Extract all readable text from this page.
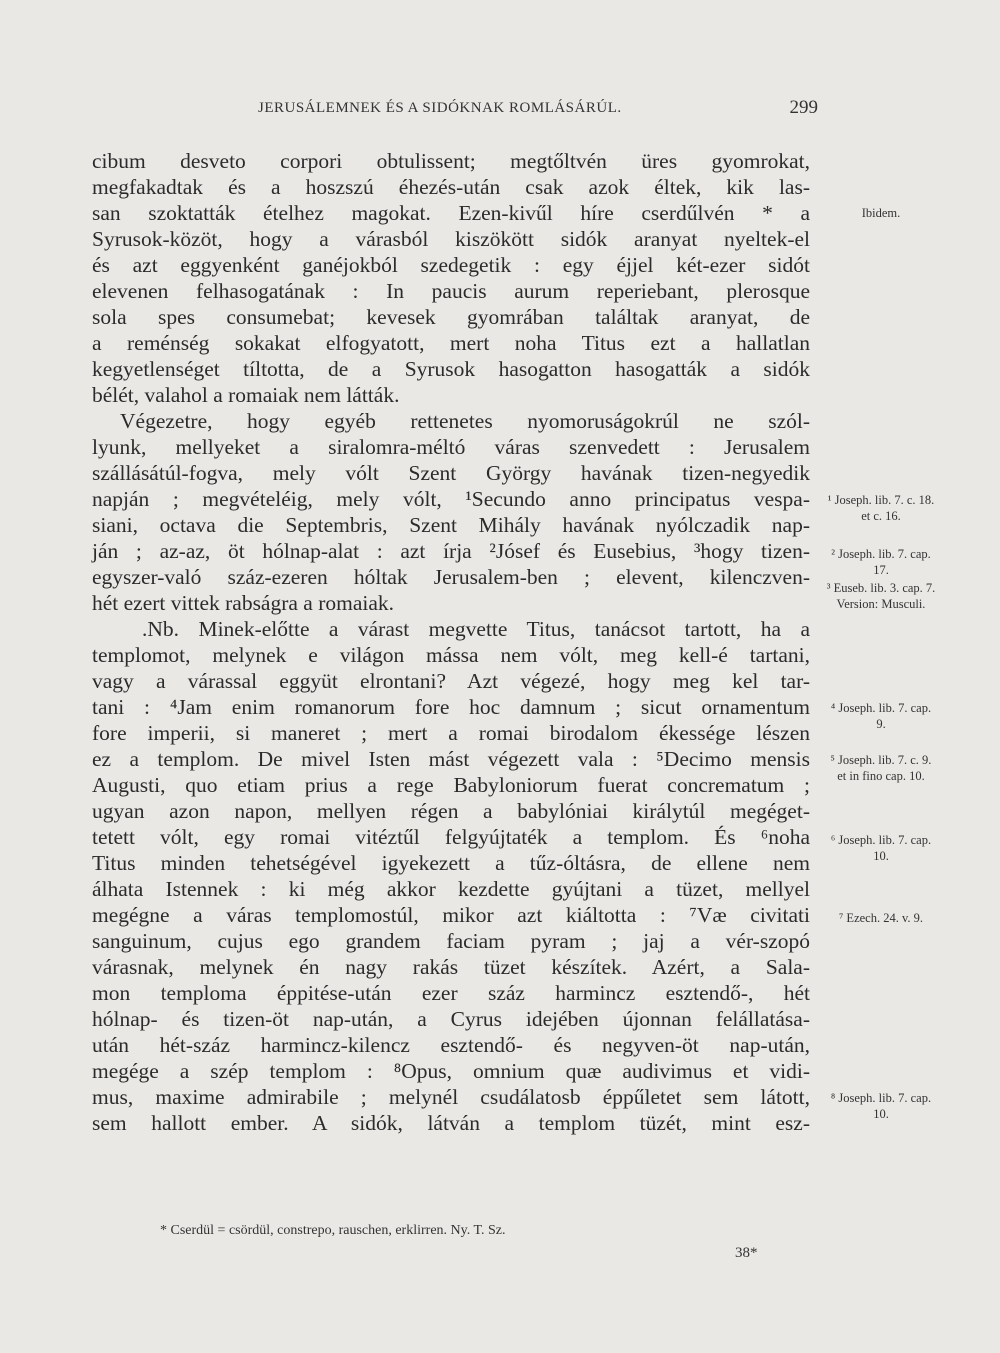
JERUSÁLEMNEK ÉS A SIDÓKNAK ROMLÁSÁRÚL.	299
cibum desveto corpori obtulissent; megtőltvén üres gyomrokat,
megfakadtak és a hoszszú éhezés-után csak azok éltek, kik las-
san szoktatták ételhez magokat. Ezen-kivűl híre cserdűlvén * a
Syrusok-közöt, hogy a várasból kiszökött sidók aranyat nyeltek-el
és azt eggyenként ganéjokból szedegetik : egy éjjel két-ezer sidót
elevenen felhasogatának : In paucis aurum reperiebant, plerosque
sola spes consumebat; kevesek gyomrában találtak aranyat, de
a reménség sokakat elfogyatott, mert noha Titus ezt a hallatlan
kegyetlenséget tíltotta, de a Syrusok hasogatton hasogatták a sidók
bélét, valahol a romaiak nem látták.
Végezetre, hogy egyéb rettenetes nyomoruságokrúl ne szól-
lyunk, mellyeket a siralomra-méltó váras szenvedett : Jerusalem
szállásátúl-fogva, mely vólt Szent György havának tizen-negyedik
napján ; megvételéig, mely vólt, ¹Secundo anno principatus vespa-
siani, octava die Septembris, Szent Mihály havának nyólczadik nap-
ján ; az-az, öt hólnap-alat : azt írja ²Jósef és Eusebius, ³hogy tizen-
egyszer-való száz-ezeren hóltak Jerusalem-ben ; elevent, kilenczven-
hét ezert vittek rabságra a romaiak.
.Nb. Minek-előtte a várast megvette Titus, tanácsot tartott, ha a
templomot, melynek e világon mássa nem vólt, meg kell-é tartani,
vagy a várassal eggyüt elrontani? Azt végezé, hogy meg kel tar-
tani : ⁴Jam enim romanorum fore hoc damnum ; sicut ornamentum
fore imperii, si maneret ; mert a romai birodalom ékessége lészen
ez a templom. De mivel Isten mást végezett vala : ⁵Decimo mensis
Augusti, quo etiam prius a rege Babyloniorum fuerat concrematum ;
ugyan azon napon, mellyen régen a babylóniai királytúl megéget-
tetett vólt, egy romai vitéztűl felgyújtaték a templom. És ⁶noha
Titus minden tehetségével igyekezett a tűz-óltásra, de ellene nem
álhata Istennek : ki még akkor kezdette gyújtani a tüzet, mellyel
megégne a váras templomostúl, mikor azt kiáltotta : ⁷Væ civitati
sanguinum, cujus ego grandem faciam pyram ; jaj a vér-szopó
várasnak, melynek én nagy rakás tüzet készítek. Azért, a Sala-
mon temploma éppitése-után ezer száz harmincz esztendő-, hét
hólnap- és tizen-öt nap-után, a Cyrus idejében újonnan felállatása-
után hét-száz harmincz-kilencz esztendő- és negyven-öt nap-után,
megége a szép templom : ⁸Opus, omnium quæ audivimus et vidi-
mus, maxime admirabile ; melynél csudálatosb éppűletet sem látott,
sem hallott ember. A sidók, látván a templom tüzét, mint esz-
Ibidem.
¹ Joseph. lib. 7. c. 18. et c. 16.
² Joseph. lib. 7. cap. 17.
³ Euseb. lib. 3. cap. 7. Version: Musculi.
⁴ Joseph. lib. 7. cap. 9.
⁵ Joseph. lib. 7. c. 9. et in fino cap. 10.
⁶ Joseph. lib. 7. cap. 10.
⁷ Ezech. 24. v. 9.
⁸ Joseph. lib. 7. cap. 10.
* Cserdül = csördül, constrepo, rauschen, erklirren. Ny. T. Sz.
38*
